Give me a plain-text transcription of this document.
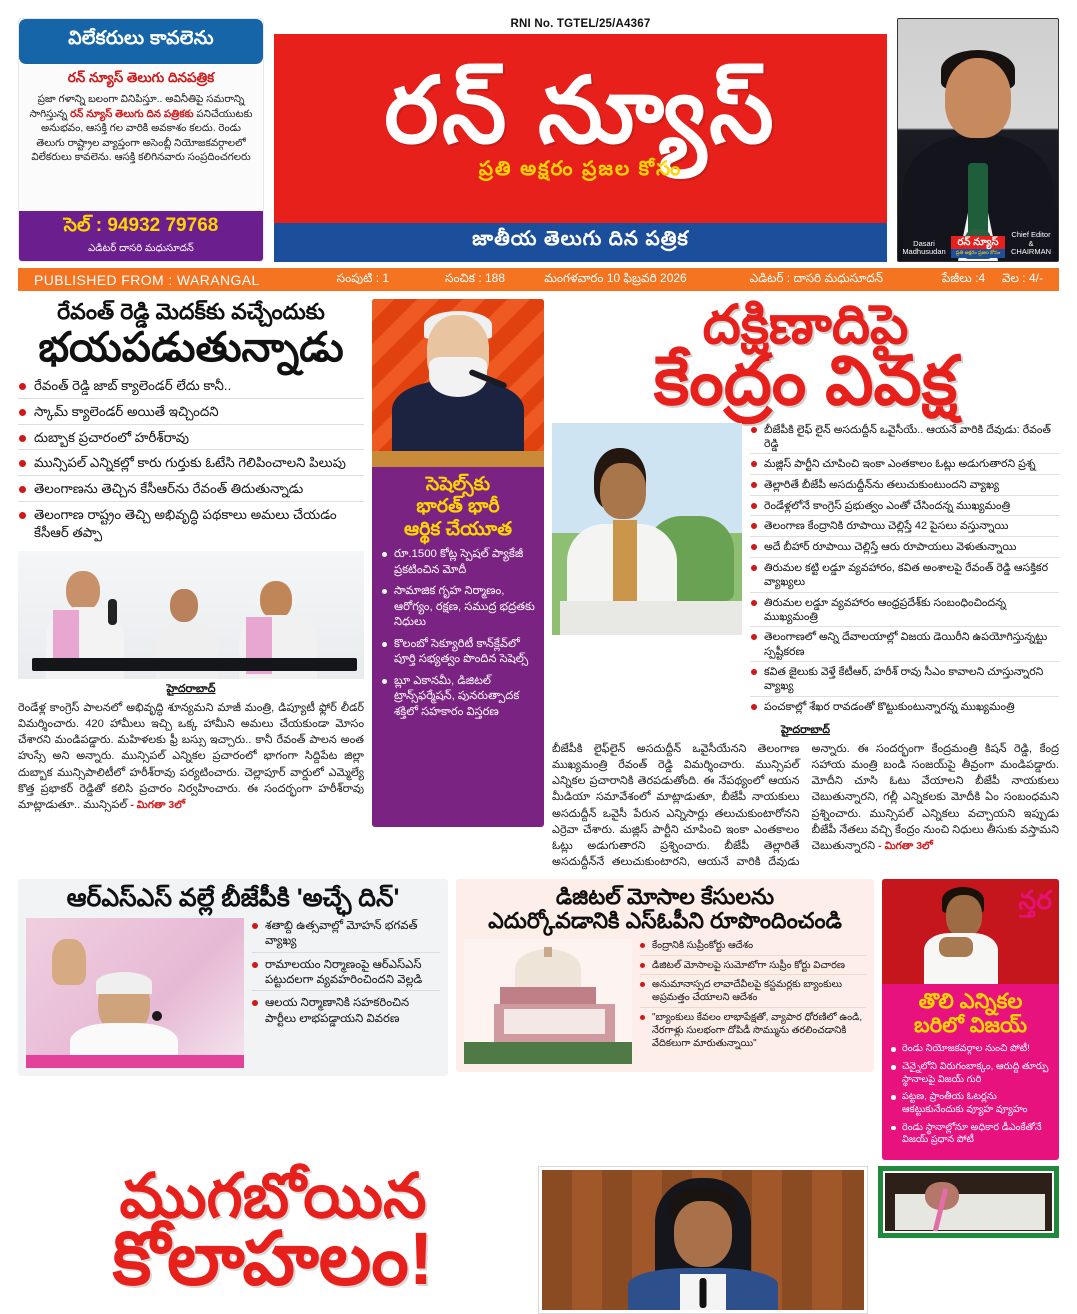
విలేకరులు కావలెను
రన్ న్యూస్ తెలుగు దినపత్రిక
ప్రజా గళాన్ని బలంగా వినిపిస్తూ.. అవినీతిపై సమరాన్ని సాగిస్తున్న రన్ న్యూస్ తెలుగు దిన పత్రికకు పనిచేయుటకు అనుభవం, ఆసక్తి గల వారికి అవకాశం కలదు. రెండు తెలుగు రాష్ట్రాల వ్యాప్తంగా అసెంబ్లీ నియోజకవర్గాలలో విలేకరులు కావలెను. ఆసక్తి కలిగినవారు సంప్రదించగలరు
సెల్ : 94932 79768
ఎడిటర్ దాసరి మధుసూదన్
RNI No. TGTEL/25/A4367
రన్ న్యూస్
ప్రతి అక్షరం ప్రజల కోసం
జాతీయ తెలుగు దిన పత్రిక	Dasari Madhusudan
రన్ న్యూస్
ప్రతి అక్షరం ప్రజల కోసం
Chief Editor
&
CHAIRMAN
PUBLISHED FROM : WARANGAL	సంపుటి : 1	సంచిక : 188	మంగళవారం 10 ఫిబ్రవరి 2026	ఎడిటర్ : దాసరి మధుసూదన్	పేజీలు :4 వెల : 4/-
రేవంత్ రెడ్డి మెదక్‌కు వచ్చేందుకు
భయపడుతున్నాడు
రేవంత్ రెడ్డి జాబ్ క్యాలెండర్ లేదు కానీ..
స్కామ్ క్యాలెండర్ అయితే ఇచ్చిందని
దుబ్బాక ప్రచారంలో హరీశ్‌రావు
మున్సిపల్ ఎన్నికల్లో కారు గుర్తుకు ఓటేసి గెలిపించాలని పిలుపు
తెలంగాణను తెచ్చిన కేసీఆర్‌ను రేవంత్ తిదుతున్నాడు
తెలంగాణ రాష్ట్రం తెచ్చి అభివృద్ధి పథకాలు అమలు చేయడం కేసీఆర్ తప్పా
హైదరాబాద్
రెండేళ్ల కాంగ్రెస్ పాలనలో అభివృద్ధి శూన్యమని మాజీ మంత్రి, డిప్యూటీ ఫ్లోర్ లీడర్ విమర్శించారు. 420 హామీలు ఇచ్చి ఒక్క హామీని అమలు చేయకుండా మోసం చేశారని మండిపడ్డారు. మహిళలకు ఫ్రీ బస్సు ఇచ్చారు.. కానీ రేవంత్ పాలన అంత హుస్సే అని అన్నారు. మున్సిపల్ ఎన్నికల ప్రచారంలో భాగంగా సిద్దిపేట జిల్లా దుబ్బాక మున్సిపాలిటీలో హరీశ్‌రావు పర్యటించారు. చెల్లాపూర్ వార్డులో ఎమ్మెల్యే కొత్త ప్రభాకర్ రెడ్డితో కలిసి ప్రచారం నిర్వహించారు. ఈ సందర్భంగా హరీశ్‌రావు మాట్లాడుతూ.. మున్సిపల్ - మిగతా 3లో
సెషెల్స్‌కు
భారత్ భారీ
ఆర్థిక చేయూత
రూ.1500 కోట్ల స్పెషల్ ప్యాకేజీ ప్రకటించిన మోదీ
సామాజిక గృహ నిర్మాణం, ఆరోగ్యం, రక్షణ, సముద్ర భద్రతకు నిధులు
కొలంబో సెక్యూరిటీ కాన్‌క్లేవ్‌లో పూర్తి సభ్యత్వం పొందిన సెషెల్స్
బ్లూ ఎకానమీ, డిజిటల్ ట్రాన్స్‌ఫర్మేషన్, పునరుత్పాదక శక్తిలో సహకారం విస్తరణ
దక్షిణాదిపై
కేంద్రం వివక్ష
బీజేపీకి లైఫ్ లైన్ అసదుద్దీన్ ఒవైసీయే.. ఆయనే వారికి దేవుడు: రేవంత్ రెడ్డి
మజ్లిస్ పార్టీని చూపించి ఇంకా ఎంతకాలం ఓట్లు అడుగుతారని ప్రశ్న
తెల్లారితే బీజేపీ అసదుద్దీన్‌ను తలుచుకుంటుందని వ్యాఖ్య
రెండేళ్లలోనే కాంగ్రెస్ ప్రభుత్వం ఎంతో చేసిందన్న ముఖ్యమంత్రి
తెలంగాణ కేంద్రానికి రూపాయి చెల్లిస్తే 42 పైసలు వస్తున్నాయి
అదే బీహార్ రూపాయి చెల్లిస్తే ఆరు రూపాయలు వెళుతున్నాయి
తిరుమల కట్టి లడ్డూ వ్యవహారం, కవిత అంశాలపై రేవంత్ రెడ్డి ఆసక్తికర వ్యాఖ్యలు
తిరుమల లడ్డూ వ్యవహారం ఆంధ్రప్రదేశ్‌కు సంబంధించిందన్న ముఖ్యమంత్రి
తెలంగాణలో అన్ని దేవాలయాల్లో విజయ డెయిరీని ఉపయోగిస్తున్నట్టు స్పష్టీకరణ
కవిత జైలుకు వెళ్తే కేటీఆర్, హరీశ్ రావు సీఎం కావాలని చూస్తున్నారని వ్యాఖ్య
పంచకాల్లో శేఖర రావడంతో కొట్టుకుంటున్నారన్న ముఖ్యమంత్రి
హైదరాబాద్
బీజేపీకి లైఫ్‌లైన్ అసదుద్దీన్ ఒవైసీయేనని తెలంగాణ ముఖ్యమంత్రి రేవంత్ రెడ్డి విమర్శించారు. మున్సిపల్ ఎన్నికల ప్రచారానికి తెరపడుతోంది. ఈ నేపథ్యంలో ఆయన మీడియా సమావేశంలో మాట్లాడుతూ, బీజేపీ నాయకులు అసదుద్దీన్ ఒవైసీ పేరున ఎన్నిసార్లు తలుచుకుంటారోనని ఎర్రెవా చేశారు. మజ్లిస్ పార్టీని చూపించి ఇంకా ఎంతకాలం ఓట్లు అడుగుతారని ప్రశ్నించారు. బీజేపీ తెల్లారితే అసదుద్దీన్‌నే తలుచుకుంటారని, ఆయనే వారికి దేవుడు అన్నారు. ఈ సందర్భంగా కేంద్రమంత్రి కిషన్ రెడ్డి, కేంద్ర సహాయ మంత్రి బండి సంజయ్‌పై తీవ్రంగా మండిపడ్డారు. మోదీని చూసి ఓటు వేయాలని బీజేపీ నాయకులు చెబుతున్నారని, గల్లీ ఎన్నికలకు మోదీకి ఏం సంబంధమని ప్రశ్నించారు. మున్సిపల్ ఎన్నికలు వచ్చాయని ఇప్పుడు బీజేపీ నేతలు వచ్చి కేంద్రం నుంచి నిధులు తీసుకు వస్తామని చెబుతున్నారని - మిగతా 3లో
ఆర్‌ఎస్‌ఎస్ వల్లే బీజేపీకి 'అచ్ఛే దిన్'
శతాబ్ది ఉత్సవాల్లో మోహన్ భగవత్ వ్యాఖ్య
రామాలయం నిర్మాణంపై ఆర్‌ఎస్‌ఎస్ పట్టుదలగా వ్యవహరించిందని వెల్లడి
ఆలయ నిర్మాణానికి సహకరించిన పార్టీలు లాభపడ్డాయని వివరణ
డిజిటల్ మోసాల కేసులను
ఎదుర్కోవడానికి ఎస్‌ఓపీని రూపొందించండి
కేంద్రానికి సుప్రీంకోర్టు ఆదేశం
డిజిటల్ మోసాలపై సుమోటోగా సుప్రీం కోర్టు విచారణ
అనుమానాస్పద లావాదేవీలపై కస్టమర్లకు బ్యాంకులు అప్రమత్తం చేయాలని ఆదేశం
"బ్యాంకులు కేవలం లాభాపేక్షతో, వ్యాపార ధోరణిలో ఉండి, నేరగాళ్లు సులభంగా దోపిడీ సొమ్మును తరలించడానికి వేదికలుగా మారుతున్నాయి"
న్తర
తొలి ఎన్నికల
బరిలో విజయ్
రెండు నియోజకవర్గాల నుంచి పోటీ!
చెన్నైలోని విరుగంబాక్కం, ఆరుద్ది తూర్పు స్థానాలపై విజయ్ గురి
పట్టణ, ప్రాంతీయ ఓటర్లను ఆకట్టుకునేందుకు వ్యూహ వ్యూహం
రెండు స్థానాల్లోనూ అధికార డీఎంకేతోనే విజయ్ ప్రధాన పోటీ
ముగబోయిన
కోలాహలం!
